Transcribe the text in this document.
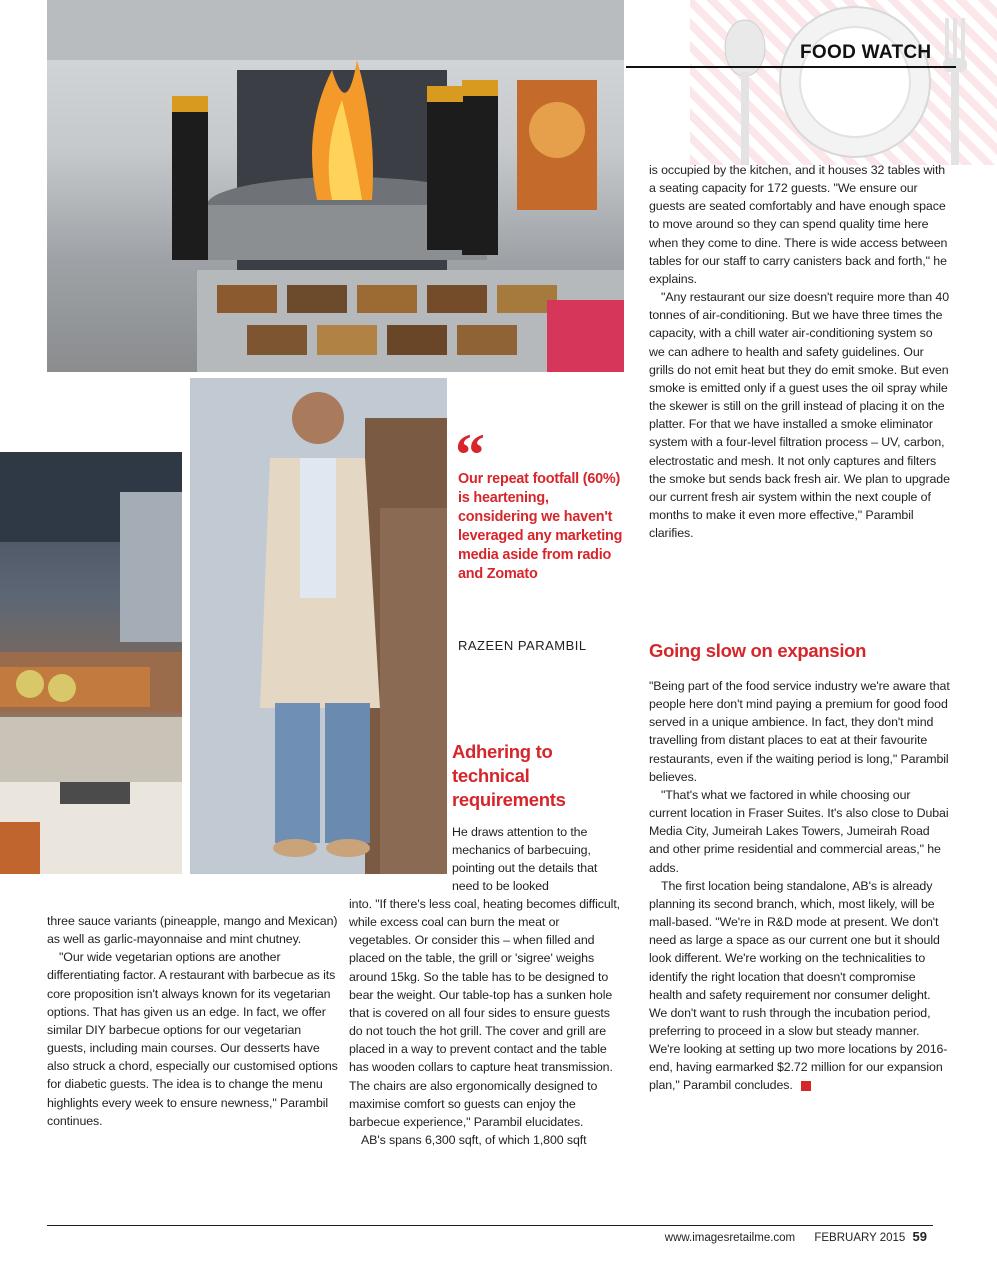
FOOD WATCH
“
Our repeat footfall (60%) is heartening, considering we haven't leveraged any marketing media aside from radio and Zomato
RAZEEN PARAMBIL
Adhering to technical requirements
Going slow on expansion

is occupied by the kitchen, and it houses 32 tables with a seating capacity for 172 guests. "We ensure our guests are seated comfortably and have enough space to move around so they can spend quality time here when they come to dine. There is wide access between tables for our staff to carry canisters back and forth," he explains.

"Any restaurant our size doesn't require more than 40 tonnes of air-conditioning. But we have three times the capacity, with a chill water air-conditioning system so we can adhere to health and safety guidelines. Our grills do not emit heat but they do emit smoke. But even smoke is emitted only if a guest uses the oil spray while the skewer is still on the grill instead of placing it on the platter. For that we have installed a smoke eliminator system with a four-level filtration process – UV, carbon, electrostatic and mesh. It not only captures and filters the smoke but sends back fresh air. We plan to upgrade our current fresh air system within the next couple of months to make it even more effective," Parambil clarifies.

"Being part of the food service industry we're aware that people here don't mind paying a premium for good food served in a unique ambience. In fact, they don't mind travelling from distant places to eat at their favourite restaurants, even if the waiting period is long," Parambil believes.

"That's what we factored in while choosing our current location in Fraser Suites. It's also close to Dubai Media City, Jumeirah Lakes Towers, Jumeirah Road and other prime residential and commercial areas," he adds.

The first location being standalone, AB's is already planning its second branch, which, most likely, will be mall-based. "We're in R&D mode at present. We don't need as large a space as our current one but it should look different. We're working on the technicalities to identify the right location that doesn't compromise health and safety requirement nor consumer delight. We don't want to rush through the incubation period, preferring to proceed in a slow but steady manner. We're looking at setting up two more locations by 2016-end, having earmarked $2.72 million for our expansion plan," Parambil concludes.

He draws attention to the mechanics of barbecuing, pointing out the details that need to be looked

into. "If there's less coal, heating becomes difficult, while excess coal can burn the meat or vegetables. Or consider this – when filled and placed on the table, the grill or 'sigree' weighs around 15kg. So the table has to be designed to bear the weight. Our table-top has a sunken hole that is covered on all four sides to ensure guests do not touch the hot grill. The cover and grill are placed in a way to prevent contact and the table has wooden collars to capture heat transmission. The chairs are also ergonomically designed to maximise comfort so guests can enjoy the barbecue experience," Parambil elucidates.

AB's spans 6,300 sqft, of which 1,800 sqft

three sauce variants (pineapple, mango and Mexican) as well as garlic-mayonnaise and mint chutney.

"Our wide vegetarian options are another differentiating factor. A restaurant with barbecue as its core proposition isn't always known for its vegetarian options. That has given us an edge. In fact, we offer similar DIY barbecue options for our vegetarian guests, including main courses. Our desserts have also struck a chord, especially our customised options for diabetic guests. The idea is to change the menu highlights every week to ensure newness," Parambil continues.

www.imagesretailme.com FEBRUARY 2015 59
